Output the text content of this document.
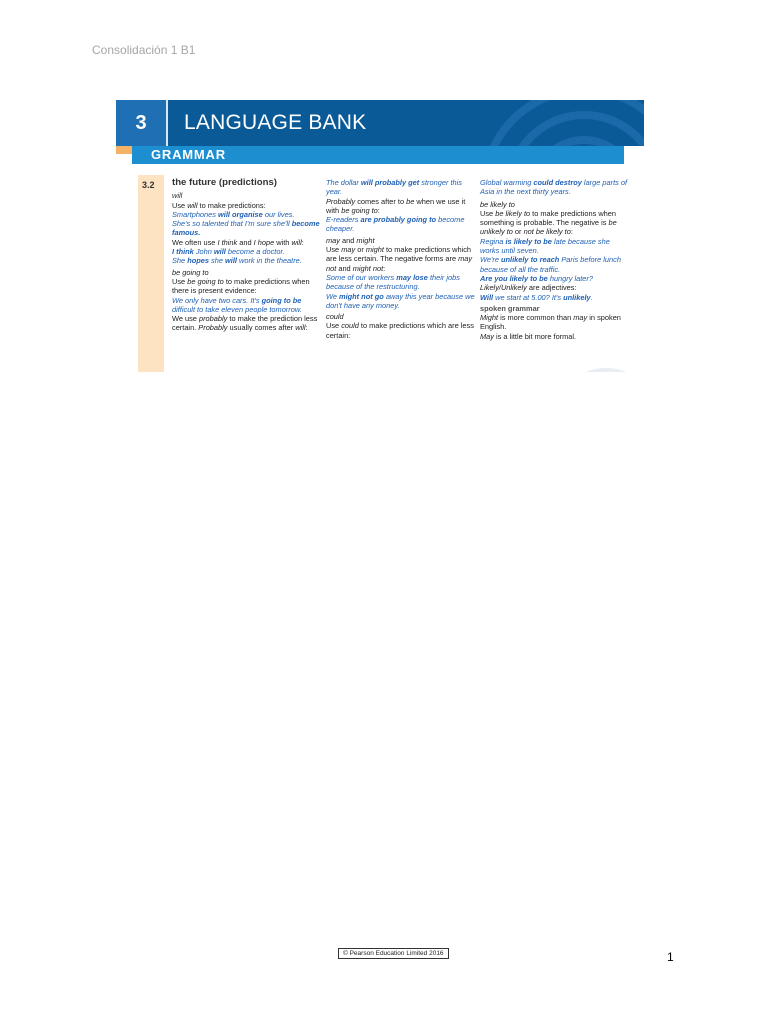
Consolidación 1 B1
3	LANGUAGE BANK
GRAMMAR
3.2 the future (predictions)

will

Use will to make predictions:

Smartphones will organise our lives.

She's so talented that I'm sure she'll become famous.

We often use I think and I hope with will:

I think John will become a doctor.

She hopes she will work in the theatre.

be going to

Use be going to to make predictions when there is present evidence:

We only have two cars. It's going to be difficult to take eleven people tomorrow.

We use probably to make the prediction less certain. Probably usually comes after will:

The dollar will probably get stronger this year.

Probably comes after to be when we use it with be going to:

E-readers are probably going to become cheaper.

may and might

Use may or might to make predictions which are less certain. The negative forms are may not and might not:

Some of our workers may lose their jobs because of the restructuring.

We might not go away this year because we don't have any money.

could

Use could to make predictions which are less certain:

Global warming could destroy large parts of Asia in the next thirty years.

be likely to

Use be likely to to make predictions when something is probable. The negative is be unlikely to or not be likely to:

Regina is likely to be late because she works until seven.

We're unlikely to reach Paris before lunch because of all the traffic.

Are you likely to be hungry later?

Likely/Unlikely are adjectives:

Will we start at 5.00? It's unlikely.

spoken grammar

Might is more common than may in spoken English.

May is a little bit more formal.

© Pearson Education Limited 2016	1
